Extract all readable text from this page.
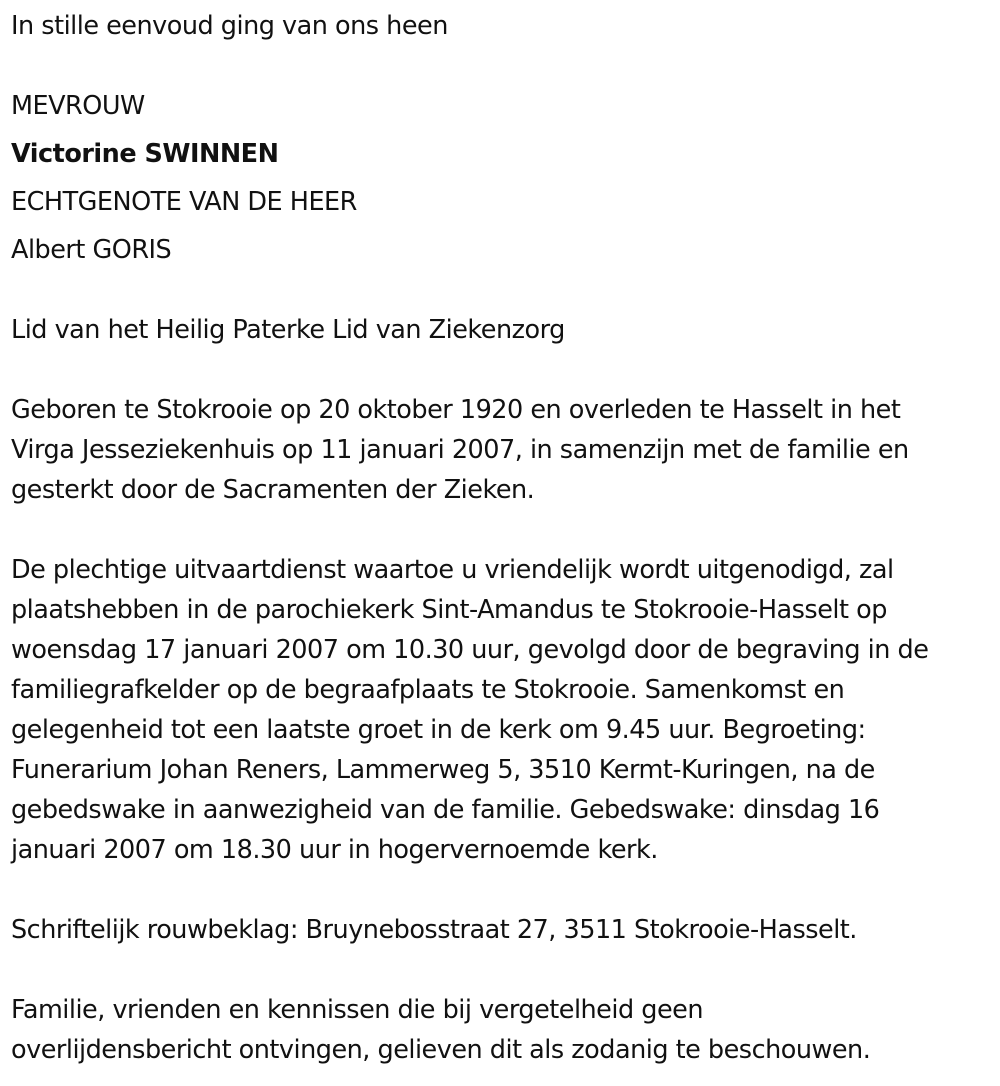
In stille eenvoud ging van ons heen
MEVROUW
Victorine SWINNEN
ECHTGENOTE VAN DE HEER
Albert GORIS
Lid van het Heilig Paterke Lid van Ziekenzorg
Geboren te Stokrooie op 20 oktober 1920 en overleden te Hasselt in het
Virga Jesseziekenhuis op 11 januari 2007, in samenzijn met de familie en
gesterkt door de Sacramenten der Zieken.
De plechtige uitvaartdienst waartoe u vriendelijk wordt uitgenodigd, zal
plaatshebben in de parochiekerk Sint-Amandus te Stokrooie-Hasselt op
woensdag 17 januari 2007 om 10.30 uur, gevolgd door de begraving in de
familiegrafkelder op de begraafplaats te Stokrooie. Samenkomst en
gelegenheid tot een laatste groet in de kerk om 9.45 uur. Begroeting:
Funerarium Johan Reners, Lammerweg 5, 3510 Kermt-Kuringen, na de
gebedswake in aanwezigheid van de familie. Gebedswake: dinsdag 16
januari 2007 om 18.30 uur in hogervernoemde kerk.
Schriftelijk rouwbeklag: Bruynebosstraat 27, 3511 Stokrooie-Hasselt.
Familie, vrienden en kennissen die bij vergetelheid geen
overlijdensbericht ontvingen, gelieven dit als zodanig te beschouwen.
